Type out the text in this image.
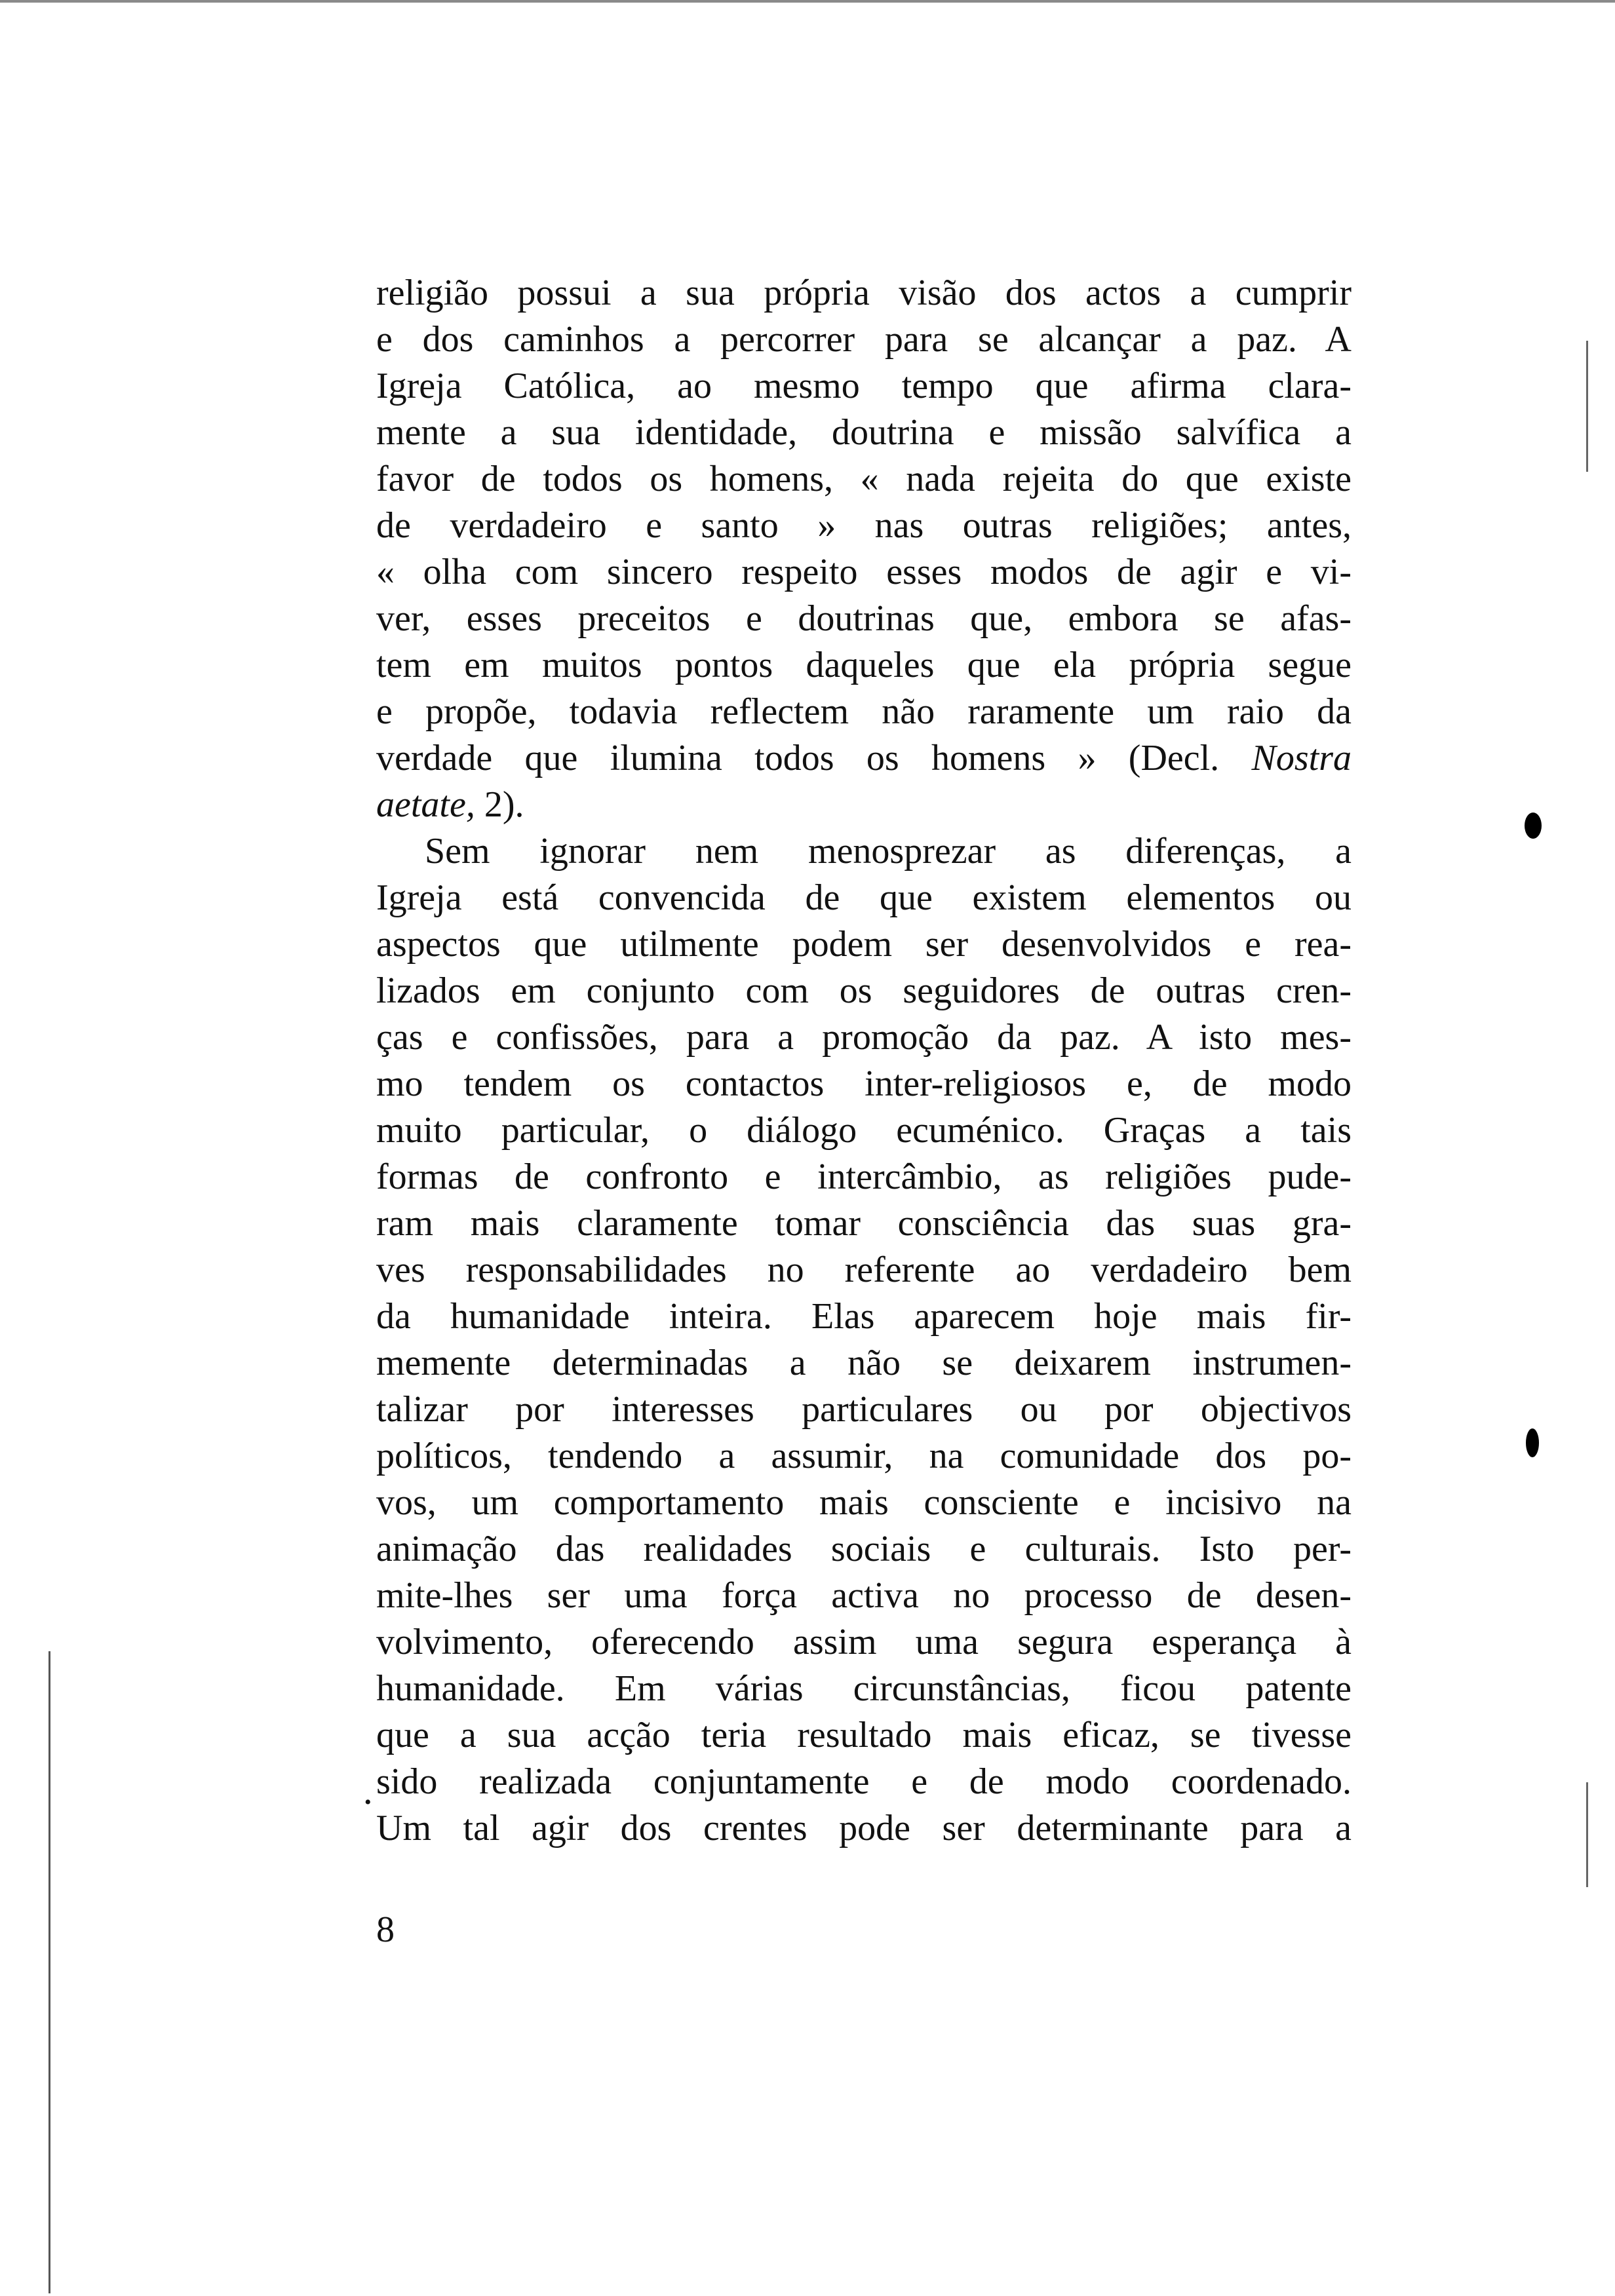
religião possui a sua própria visão dos actos a cumprir
e dos caminhos a percorrer para se alcançar a paz. A
Igreja Católica, ao mesmo tempo que afirma clara-
mente a sua identidade, doutrina e missão salvífica a
favor de todos os homens, « nada rejeita do que existe
de verdadeiro e santo » nas outras religiões; antes,
« olha com sincero respeito esses modos de agir e vi-
ver, esses preceitos e doutrinas que, embora se afas-
tem em muitos pontos daqueles que ela própria segue
e propõe, todavia reflectem não raramente um raio da
verdade que ilumina todos os homens » (Decl. Nostra
aetate, 2).
Sem ignorar nem menosprezar as diferenças, a
Igreja está convencida de que existem elementos ou
aspectos que utilmente podem ser desenvolvidos e rea-
lizados em conjunto com os seguidores de outras cren-
ças e confissões, para a promoção da paz. A isto mes-
mo tendem os contactos inter-religiosos e, de modo
muito particular, o diálogo ecuménico. Graças a tais
formas de confronto e intercâmbio, as religiões pude-
ram mais claramente tomar consciência das suas gra-
ves responsabilidades no referente ao verdadeiro bem
da humanidade inteira. Elas aparecem hoje mais fir-
memente determinadas a não se deixarem instrumen-
talizar por interesses particulares ou por objectivos
políticos, tendendo a assumir, na comunidade dos po-
vos, um comportamento mais consciente e incisivo na
animação das realidades sociais e culturais. Isto per-
mite-lhes ser uma força activa no processo de desen-
volvimento, oferecendo assim uma segura esperança à
humanidade. Em várias circunstâncias, ficou patente
que a sua acção teria resultado mais eficaz, se tivesse
sido realizada conjuntamente e de modo coordenado.
Um tal agir dos crentes pode ser determinante para a
•
8
